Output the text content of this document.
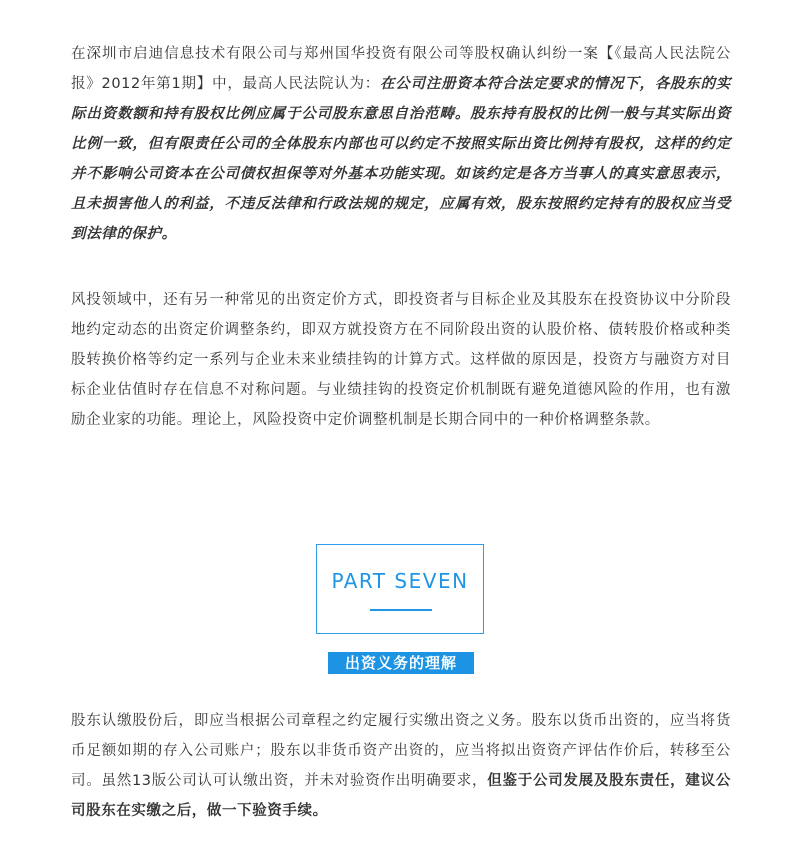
在深圳市启迪信息技术有限公司与郑州国华投资有限公司等股权确认纠纷一案【《最高人民法院公报》2012年第1期】中，最高人民法院认为：在公司注册资本符合法定要求的情况下，各股东的实际出资数额和持有股权比例应属于公司股东意思自治范畴。股东持有股权的比例一般与其实际出资比例一致，但有限责任公司的全体股东内部也可以约定不按照实际出资比例持有股权，这样的约定并不影响公司资本在公司债权担保等对外基本功能实现。如该约定是各方当事人的真实意思表示，且未损害他人的利益，不违反法律和行政法规的规定，应属有效，股东按照约定持有的股权应当受到法律的保护。

风投领域中，还有另一种常见的出资定价方式，即投资者与目标企业及其股东在投资协议中分阶段地约定动态的出资定价调整条约，即双方就投资方在不同阶段出资的认股价格、债转股价格或种类股转换价格等约定一系列与企业未来业绩挂钩的计算方式。这样做的原因是，投资方与融资方对目标企业估值时存在信息不对称问题。与业绩挂钩的投资定价机制既有避免道德风险的作用，也有激励企业家的功能。理论上，风险投资中定价调整机制是长期合同中的一种价格调整条款。

PART SEVEN
出资义务的理解

股东认缴股份后，即应当根据公司章程之约定履行实缴出资之义务。股东以货币出资的，应当将货币足额如期的存入公司账户；股东以非货币资产出资的，应当将拟出资资产评估作价后，转移至公司。虽然13版公司认可认缴出资，并未对验资作出明确要求，但鉴于公司发展及股东责任，建议公司股东在实缴之后，做一下验资手续。
